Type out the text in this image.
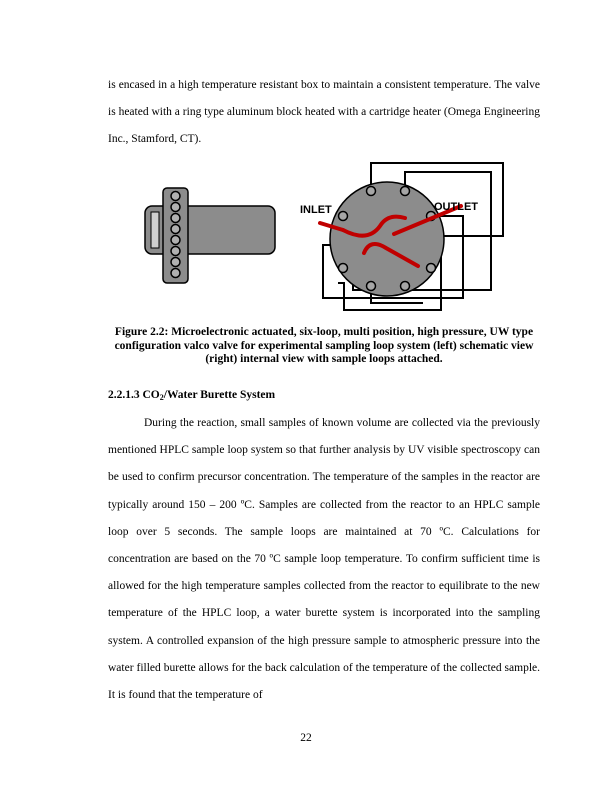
is encased in a high temperature resistant box to maintain a consistent temperature. The valve is heated with a ring type aluminum block heated with a cartridge heater (Omega Engineering Inc., Stamford, CT).

INLET	OUTLET

Figure 2.2: Microelectronic actuated, six-loop, multi position, high pressure, UW type configuration valco valve for experimental sampling loop system (left) schematic view (right) internal view with sample loops attached.

2.2.1.3 $CO_2$/Water Burette System

During the reaction, small samples of known volume are collected via the previously mentioned HPLC sample loop system so that further analysis by UV visible spectroscopy can be used to confirm precursor concentration. The temperature of the samples in the reactor are typically around 150 – 200 ºC. Samples are collected from the reactor to an HPLC sample loop over 5 seconds. The sample loops are maintained at 70 ºC. Calculations for concentration are based on the 70 ºC sample loop temperature. To confirm sufficient time is allowed for the high temperature samples collected from the reactor to equilibrate to the new temperature of the HPLC loop, a water burette system is incorporated into the sampling system. A controlled expansion of the high pressure sample to atmospheric pressure into the water filled burette allows for the back calculation of the temperature of the collected sample. It is found that the temperature of

22
